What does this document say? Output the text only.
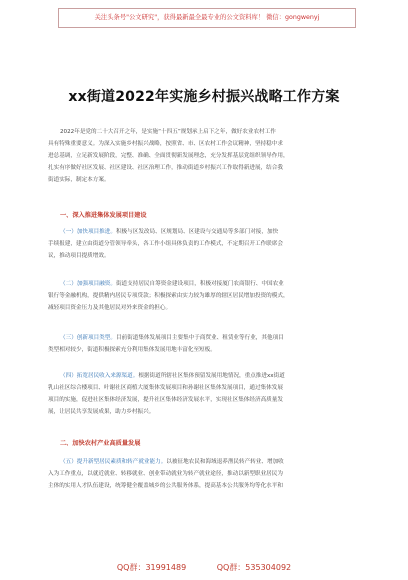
关注头条号"公文研究"，获得最新最全最专业的公文资料库！ 微信：gongwenyj
xx街道2022年实施乡村振兴战略工作方案
2022年是党的二十大召开之年，是实施“十四五”规划承上启下之年，做好农业农村工作
具有特殊重要意义。为深入实施乡村振兴战略，按照省、市、区农村工作会议精神，坚持稳中求
进总基调，立足新发展阶段，完整、准确、全面贯彻新发展理念，充分发挥基层党组织领导作用，
扎实有序做好社区发展、社区建设、社区治理工作，推动街道乡村振兴工作取得新进展，结合我
街道实际，制定本方案。
一、深入推进集体发展项目建设
（一）加快项目推进。积极与区发改局、区规划局、区建设与交通局等多部门对接，加快
手续报建，建立由街道分管领导牵头，各工作小组具体负责的工作模式，不定期召开工作联席会
议，推动项目提质增效。
（二）加强项目融资。街道支持居民自筹资金建设项目，积极对接厦门农商银行、中国农业
银行等金融机构，提供精内居民专项贷款；积极探索由实力较为雄厚的辖区居民增加投资的模式，
减轻项目资金压力及其他居民对外来资金的担心。
（三）创新项目类型。目前街道集体发展项目主要集中于商贸业、租赁业等行业，其他项目
类型相对较少，街道积极探索充分利用集体发展用地丰富化至短板。
（四）拓宽居民收入来源渠道。根据街道所辖社区集体预留发展用地情况，重点推进xx街道
乳山社区综合楼项目、叶谢社区商植大厦集体发展项目和孙谢社区集体发展项目，通过集体发展
项目的实施，促进社区集体经济发展，提升社区集体经济发展水平，实现社区集体经济高质量发
展，让居民共享发展成果，助力乡村振兴。
二、加快农村产业高质量发展
（五）提升新型居民素质和转产就业能力。以被征地农民和海域退养渔民转产转业、增加收
入为工作重点，以就近就业、转移就业、创业带动就业为转产就业途径，推动以新型职业居民为
主体的实用人才队伍建设，统筹健全覆盖城乡的公共服务体系，提高基本公共服务均等化水平和
QQ群：31991489	QQ群：535304092
